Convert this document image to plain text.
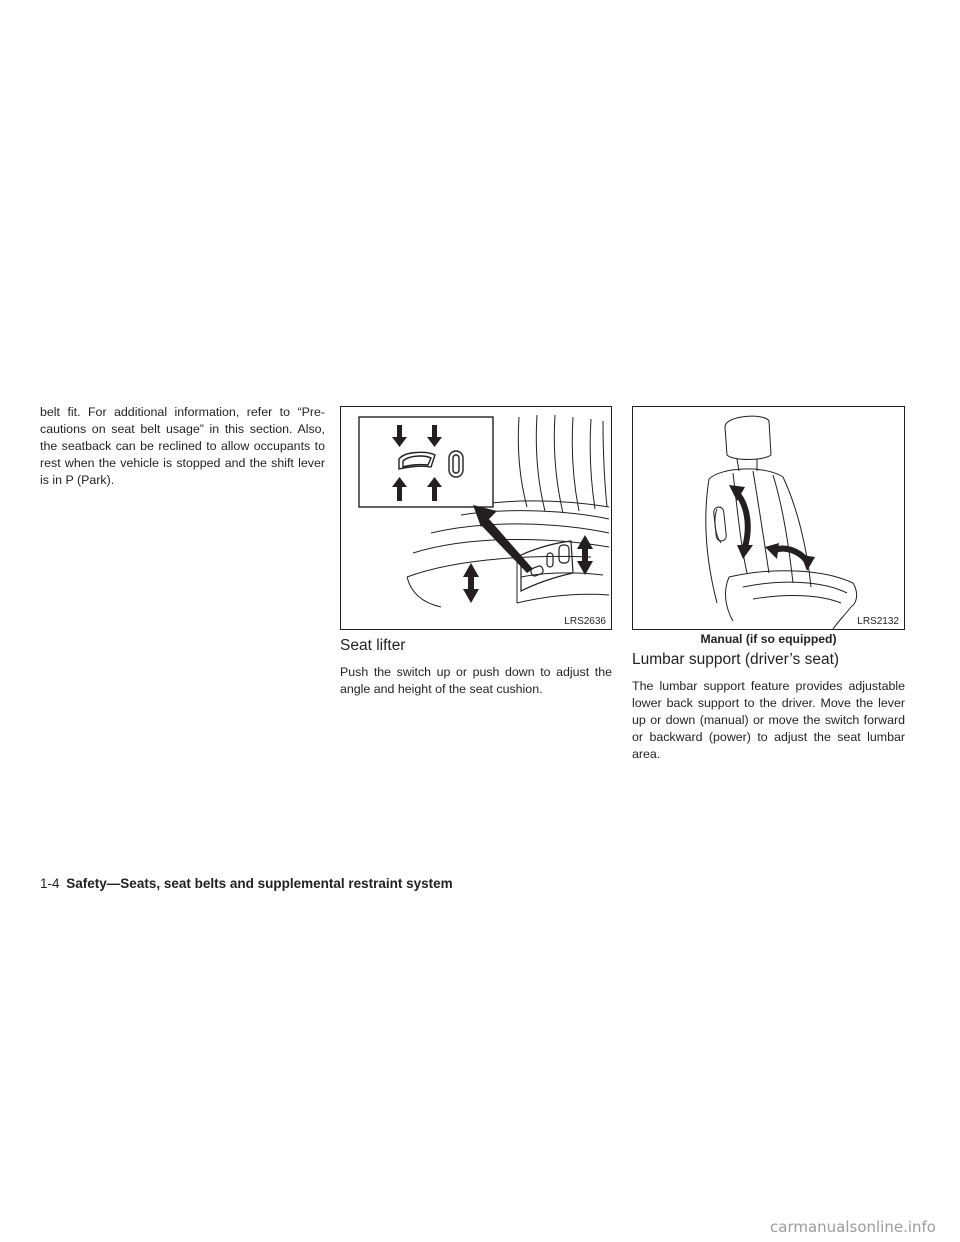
belt fit. For additional information, refer to “Pre-cautions on seat belt usage” in this section. Also, the seatback can be reclined to allow occupants to rest when the vehicle is stopped and the shift lever is in P (Park).

LRS2636
Seat lifter

Push the switch up or push down to adjust the angle and height of the seat cushion.

LRS2132
Manual (if so equipped)
Lumbar support (driver’s seat)

The lumbar support feature provides adjustable lower back support to the driver. Move the lever up or down (manual) or move the switch forward or backward (power) to adjust the seat lumbar area.

1-4 Safety—Seats, seat belts and supplemental restraint system
carmanualsonline.info
